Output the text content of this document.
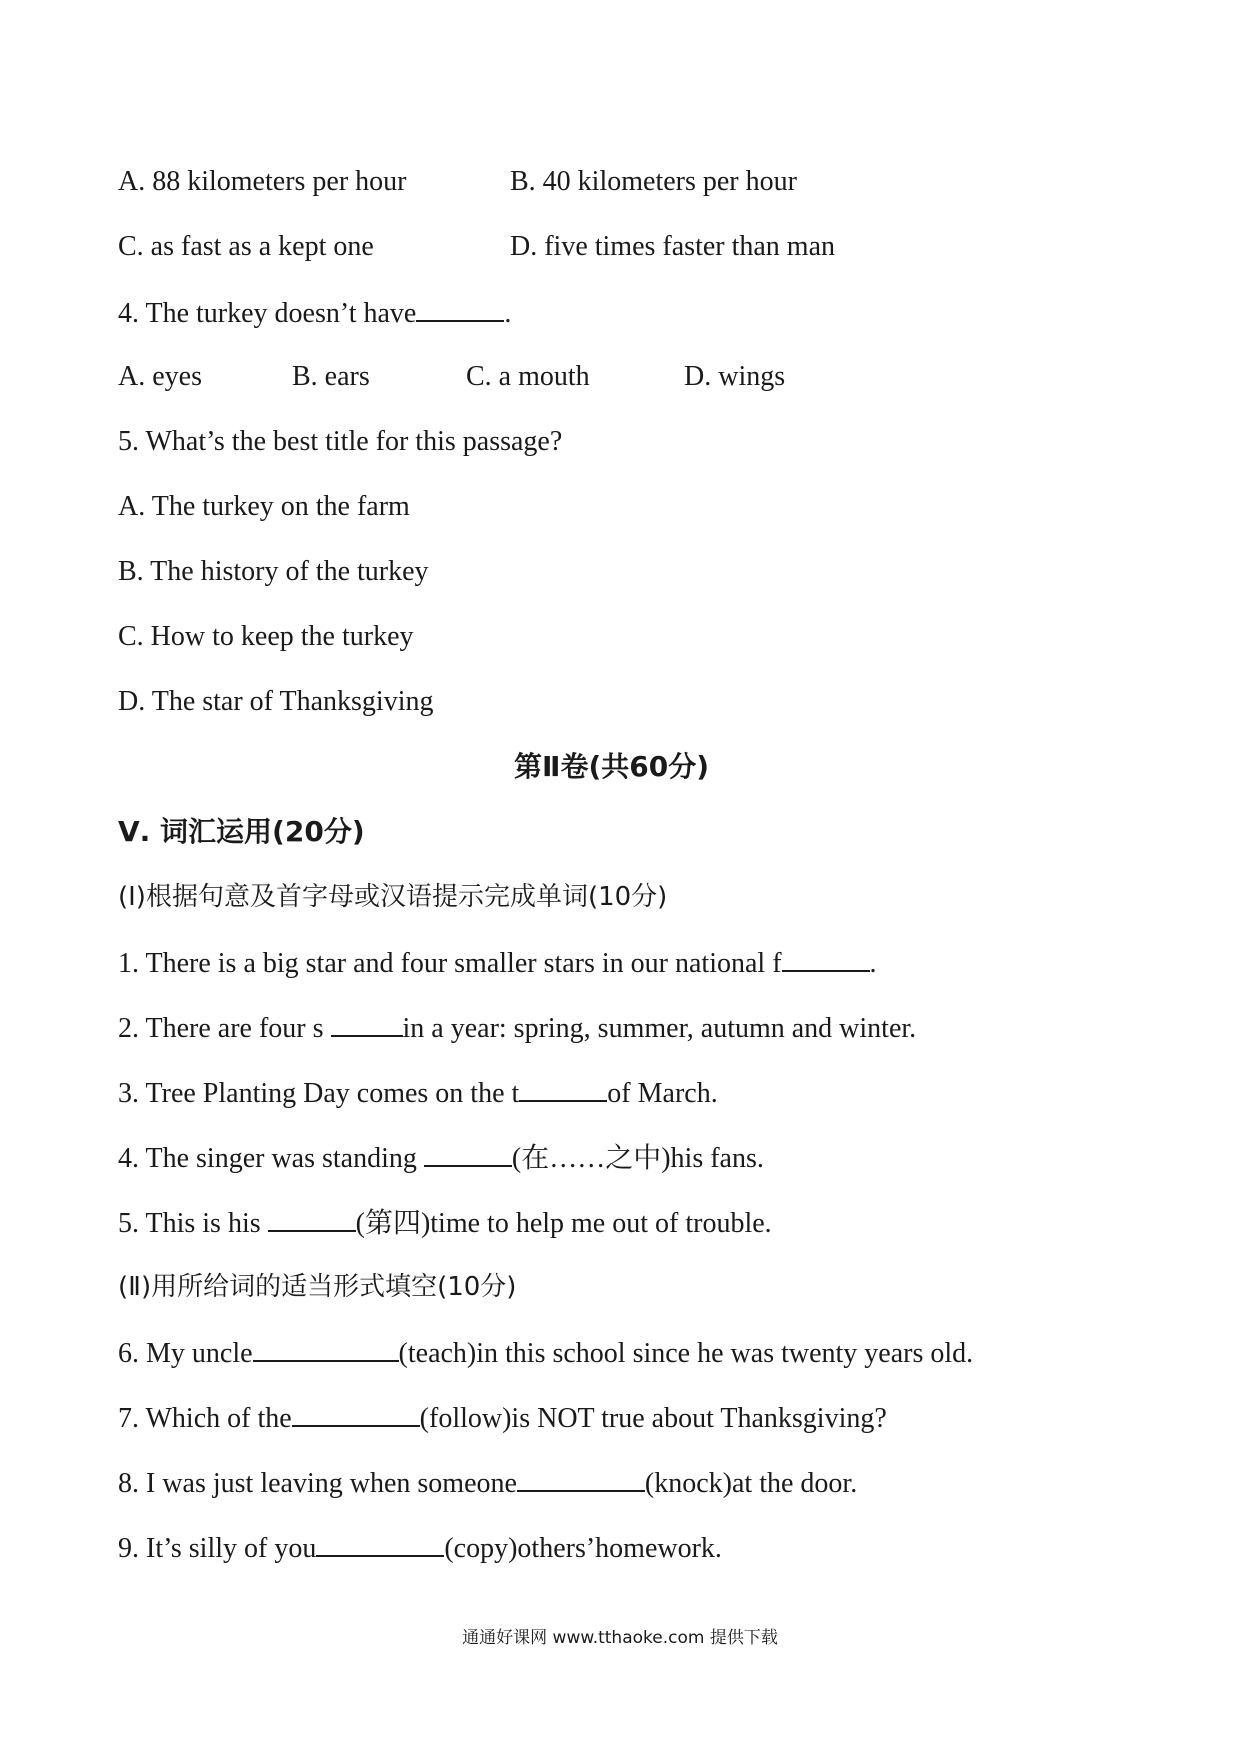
A. 88 kilometers per hour	B. 40 kilometers per hour
C. as fast as a kept one	D. five times faster than man
4. The turkey doesn’t have	.
A. eyes	B. ears	C. a mouth	D. wings
5. What’s the best title for this passage?
A. The turkey on the farm
B. The history of the turkey
C. How to keep the turkey
D. The star of Thanksgiving
第Ⅱ卷(共60分)
Ⅴ. 词汇运用(20分)
(Ⅰ)根据句意及首字母或汉语提示完成单词(10分)
1. There is a big star and four smaller stars in our national f	.
2. There are four s	in a year: spring, summer, autumn and winter.
3. Tree Planting Day comes on the t	of March.
4. The singer was standing	(在……之中)his fans.
5. This is his	(第四)time to help me out of trouble.
(Ⅱ)用所给词的适当形式填空(10分)
6. My uncle	(teach)in this school since he was twenty years old.
7. Which of the	(follow)is NOT true about Thanksgiving?
8. I was just leaving when someone	(knock)at the door.
9. It’s silly of you	(copy)others’homework.
通通好课网 www.tthaoke.com 提供下载
